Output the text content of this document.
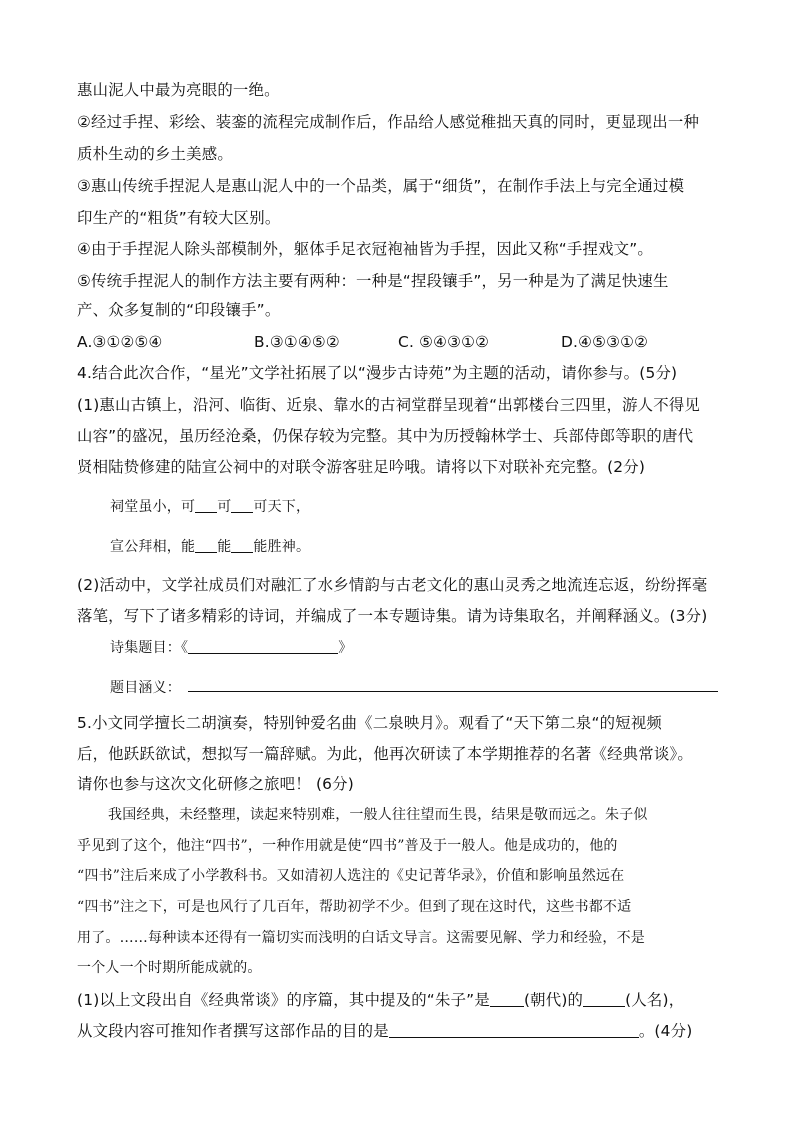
惠山泥人中最为亮眼的一绝。
②经过手捏、彩绘、装銮的流程完成制作后，作品给人感觉稚拙天真的同时，更显现出一种
质朴生动的乡土美感。
③惠山传统手捏泥人是惠山泥人中的一个品类，属于“细货”，在制作手法上与完全通过模
印生产的“粗货”有较大区别。
④由于手捏泥人除头部模制外，躯体手足衣冠袍袖皆为手捏，因此又称“手捏戏文”。
⑤传统手捏泥人的制作方法主要有两种：一种是“捏段镶手”，另一种是为了满足快速生
产、众多复制的“印段镶手”。
A.③①②⑤④	B.③①④⑤②	C. ⑤④③①②	D.④⑤③①②
4.结合此次合作，“星光”文学社拓展了以“漫步古诗苑”为主题的活动，请你参与。(5分)
(1)惠山古镇上，沿河、临街、近泉、靠水的古祠堂群呈现着“出郭楼台三四里，游人不得见
山容”的盛况，虽历经沧桑，仍保存较为完整。其中为历授翰林学士、兵部侍郎等职的唐代
贤相陆贽修建的陆宣公祠中的对联令游客驻足吟哦。请将以下对联补充完整。(2分)
祠堂虽小，可 可 可天下，
宣公拜相，能 能 能胜神。
(2)活动中，文学社成员们对融汇了水乡情韵与古老文化的惠山灵秀之地流连忘返，纷纷挥毫
落笔，写下了诸多精彩的诗词，并编成了一本专题诗集。请为诗集取名，并阐释涵义。(3分)
诗集题目：《	》
题目涵义：
5.小文同学擅长二胡演奏，特别钟爱名曲《二泉映月》。观看了“天下第二泉“的短视频
后，他跃跃欲试，想拟写一篇辞赋。为此，他再次研读了本学期推荐的名著《经典常谈》。
请你也参与这次文化研修之旅吧！ (6分)
我国经典，未经整理，读起来特别难，一般人往往望而生畏，结果是敬而远之。朱子似
乎见到了这个，他注“四书”，一种作用就是使“四书”普及于一般人。他是成功的，他的
“四书”注后来成了小学教科书。又如清初人选注的《史记菁华录》，价值和影响虽然远在
“四书”注之下，可是也风行了几百年，帮助初学不少。但到了现在这时代，这些书都不适
用了。……每种读本还得有一篇切实而浅明的白话文导言。这需要见解、学力和经验，不是
一个人一个时期所能成就的。
(1)以上文段出自《经典常谈》的序篇，其中提及的“朱子”是 (朝代)的	(人名)，
从文段内容可推知作者撰写这部作品的目的是	。(4分)
